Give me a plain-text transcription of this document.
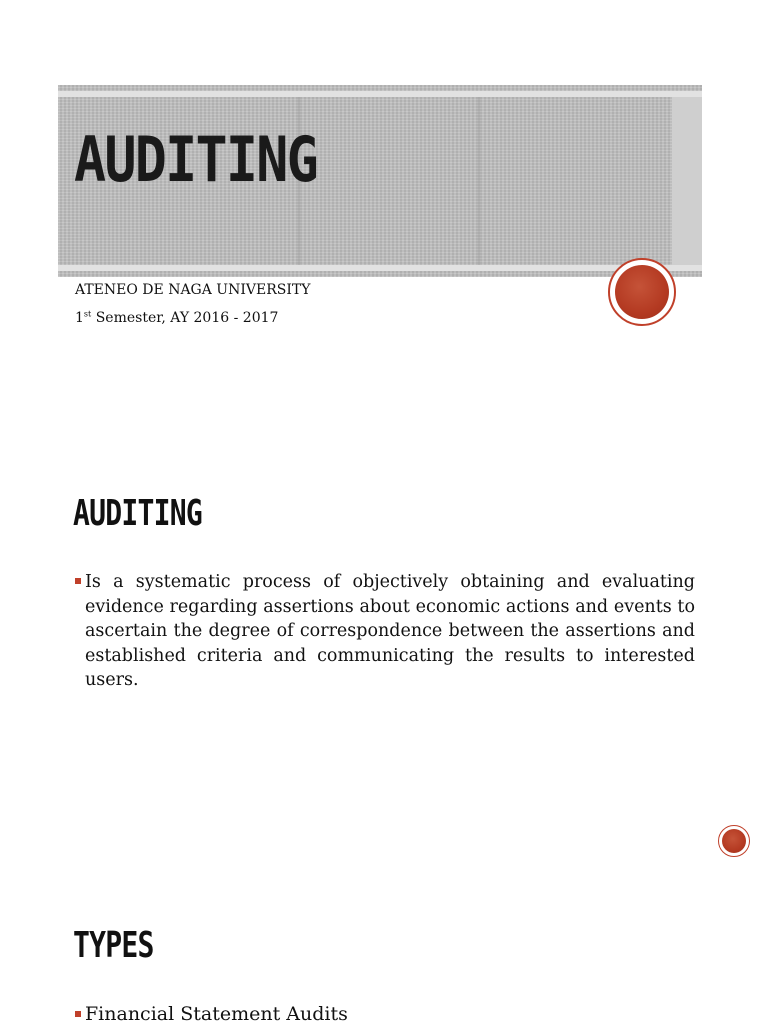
AUDITING

ATENEO DE NAGA UNIVERSITY

1st Semester, AY 2016 - 2017

AUDITING

Is a systematic process of objectively obtaining and evaluating evidence regarding assertions about economic actions and events to ascertain the degree of correspondence between the assertions and established criteria and communicating the results to interested users.

TYPES

Financial Statement Audits
